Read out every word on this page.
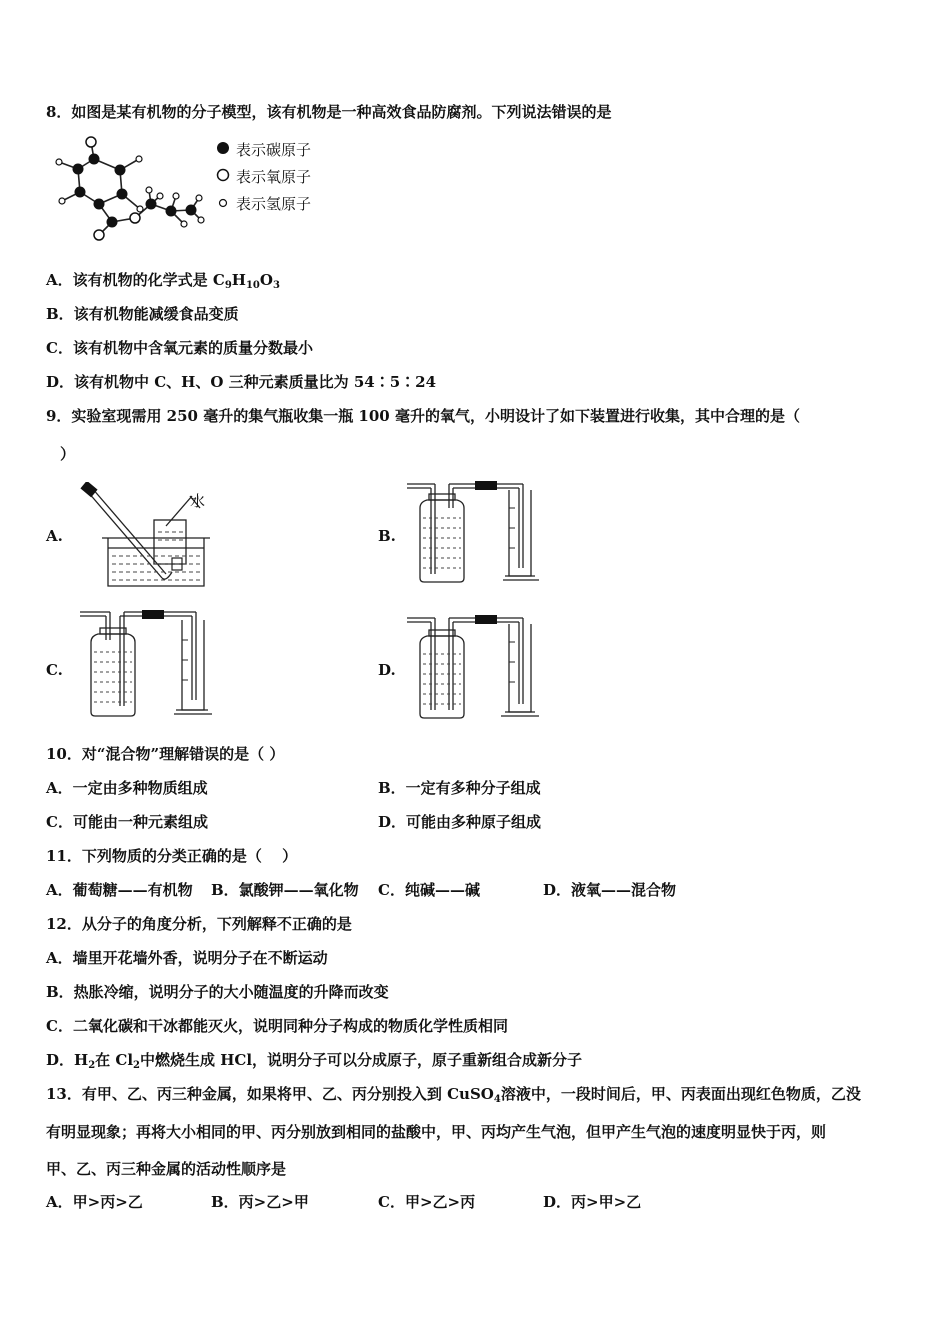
8．如图是某有机物的分子模型，该有机物是一种高效食品防腐剂。下列说法错误的是
表示碳原子
表示氧原子
表示氢原子
A．该有机物的化学式是 $C_9H_{10}O_3$
B．该有机物能减缓食品变质
C．该有机物中含氧元素的质量分数最小
D．该有机物中 C、H、O 三种元素质量比为 54∶5∶24
9．实验室现需用 250 毫升的集气瓶收集一瓶 100 毫升的氧气，小明设计了如下装置进行收集，其中合理的是（
）
A.
水
B.
C.	D.
10．对“混合物”理解错误的是（ ）
A．一定由多种物质组成	B．一定有多种分子组成
C．可能由一种元素组成	D．可能由多种原子组成
11．下列物质的分类正确的是（　 ）
A．葡萄糖——有机物 B．氯酸钾——氧化物 C．纯碱——碱	D．液氧——混合物
12．从分子的角度分析，下列解释不正确的是
A．墙里开花墙外香，说明分子在不断运动
B．热胀冷缩，说明分子的大小随温度的升降而改变
C．二氧化碳和干冰都能灭火，说明同种分子构成的物质化学性质相同
D．$H_2$在 $Cl_2$中燃烧生成 HCl，说明分子可以分成原子，原子重新组合成新分子
13．有甲、乙、丙三种金属，如果将甲、乙、丙分别投入到 CuSO$_4$溶液中，一段时间后，甲、丙表面出现红色物质，乙没
有明显现象；再将大小相同的甲、丙分别放到相同的盐酸中，甲、丙均产生气泡，但甲产生气泡的速度明显快于丙，则
甲、乙、丙三种金属的活动性顺序是
A．甲>丙>乙	B．丙>乙>甲	C．甲>乙>丙	D．丙>甲>乙
